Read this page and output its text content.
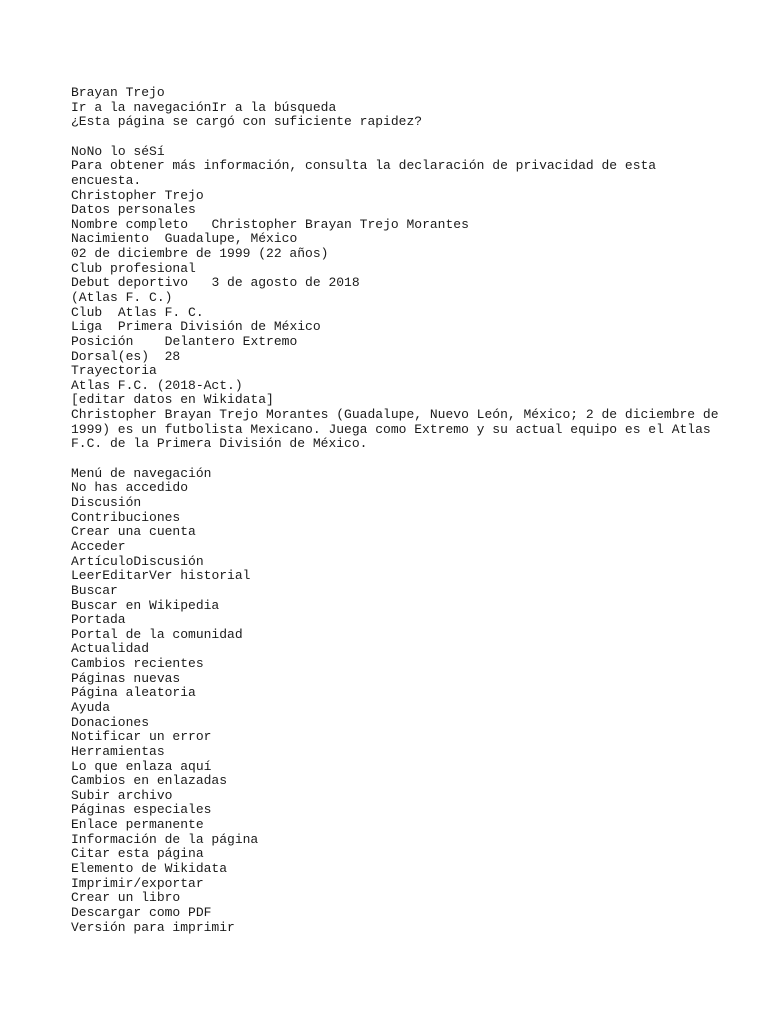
Brayan Trejo
Ir a la navegaciónIr a la búsqueda
¿Esta página se cargó con suficiente rapidez?
NoNo lo séSí
Para obtener más información, consulta la declaración de privacidad de esta encuesta.
Christopher Trejo
Datos personales
Nombre completo Christopher Brayan Trejo Morantes
Nacimiento Guadalupe, México
02 de diciembre de 1999 (22 años)
Club profesional
Debut deportivo 3 de agosto de 2018
(Atlas F. C.)
Club Atlas F. C.
Liga Primera División de México
Posición Delantero Extremo
Dorsal(es) 28
Trayectoria
Atlas F.C. (2018-Act.)
[editar datos en Wikidata]
Christopher Brayan Trejo Morantes (Guadalupe, Nuevo León, México; 2 de diciembre de 1999) es un futbolista Mexicano. Juega como Extremo y su actual equipo es el Atlas F.C. de la Primera División de México.
Menú de navegación
No has accedido
Discusión
Contribuciones
Crear una cuenta
Acceder
ArtículoDiscusión
LeerEditarVer historial
Buscar
Buscar en Wikipedia
Portada
Portal de la comunidad
Actualidad
Cambios recientes
Páginas nuevas
Página aleatoria
Ayuda
Donaciones
Notificar un error
Herramientas
Lo que enlaza aquí
Cambios en enlazadas
Subir archivo
Páginas especiales
Enlace permanente
Información de la página
Citar esta página
Elemento de Wikidata
Imprimir/exportar
Crear un libro
Descargar como PDF
Versión para imprimir
